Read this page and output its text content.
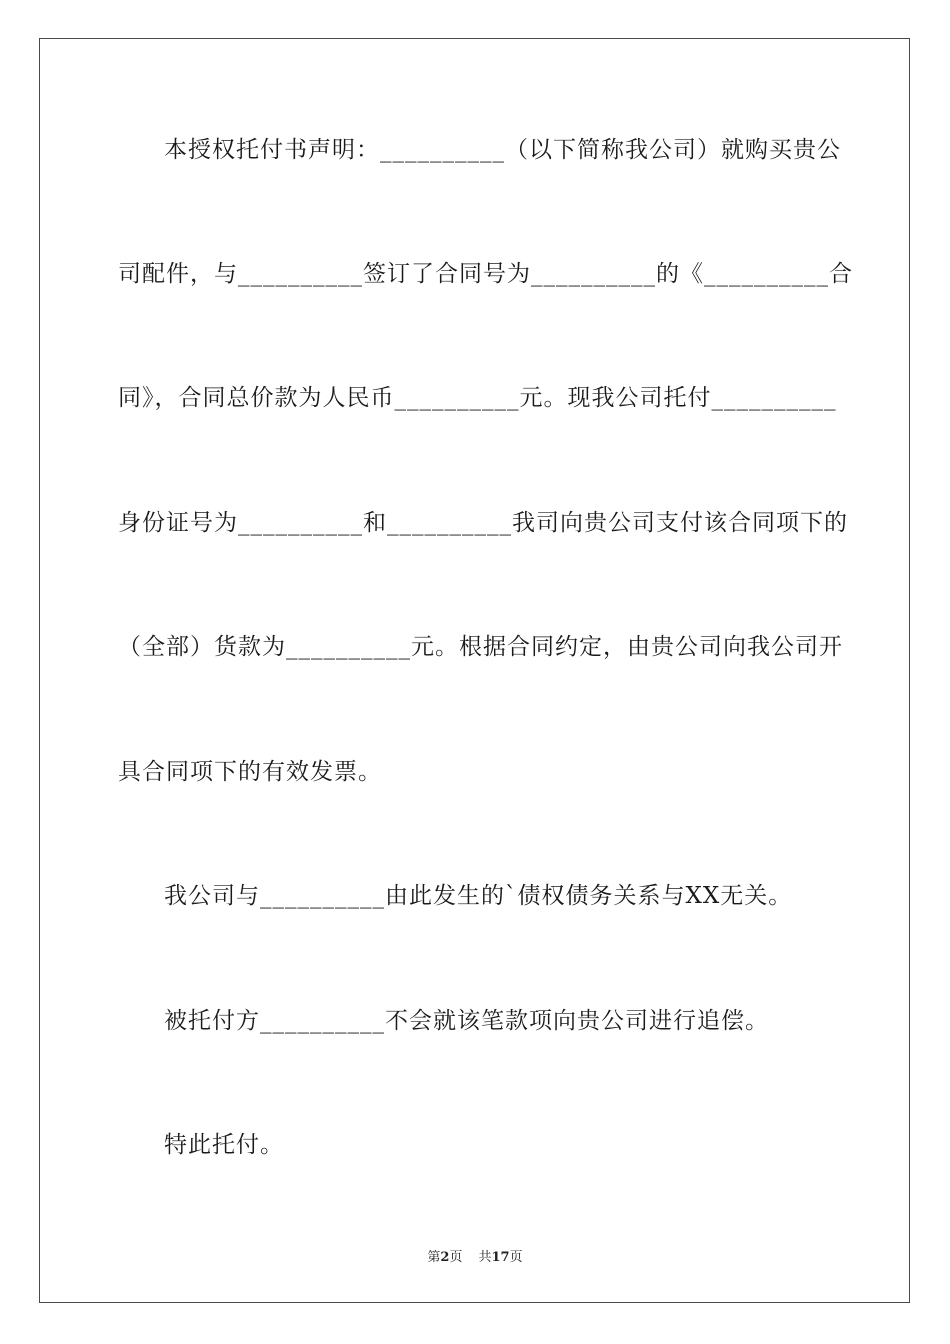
本授权托付书声明：__________（以下简称我公司）就购买贵公
司配件，与__________签订了合同号为__________的《__________合
同》，合同总价款为人民币__________元。现我公司托付__________
身份证号为__________和__________我司向贵公司支付该合同项下的
（全部）货款为__________元。根据合同约定，由贵公司向我公司开
具合同项下的有效发票。
我公司与__________由此发生的`债权债务关系与XX无关。
被托付方__________不会就该笔款项向贵公司进行追偿。
特此托付。
第2页 共17页
